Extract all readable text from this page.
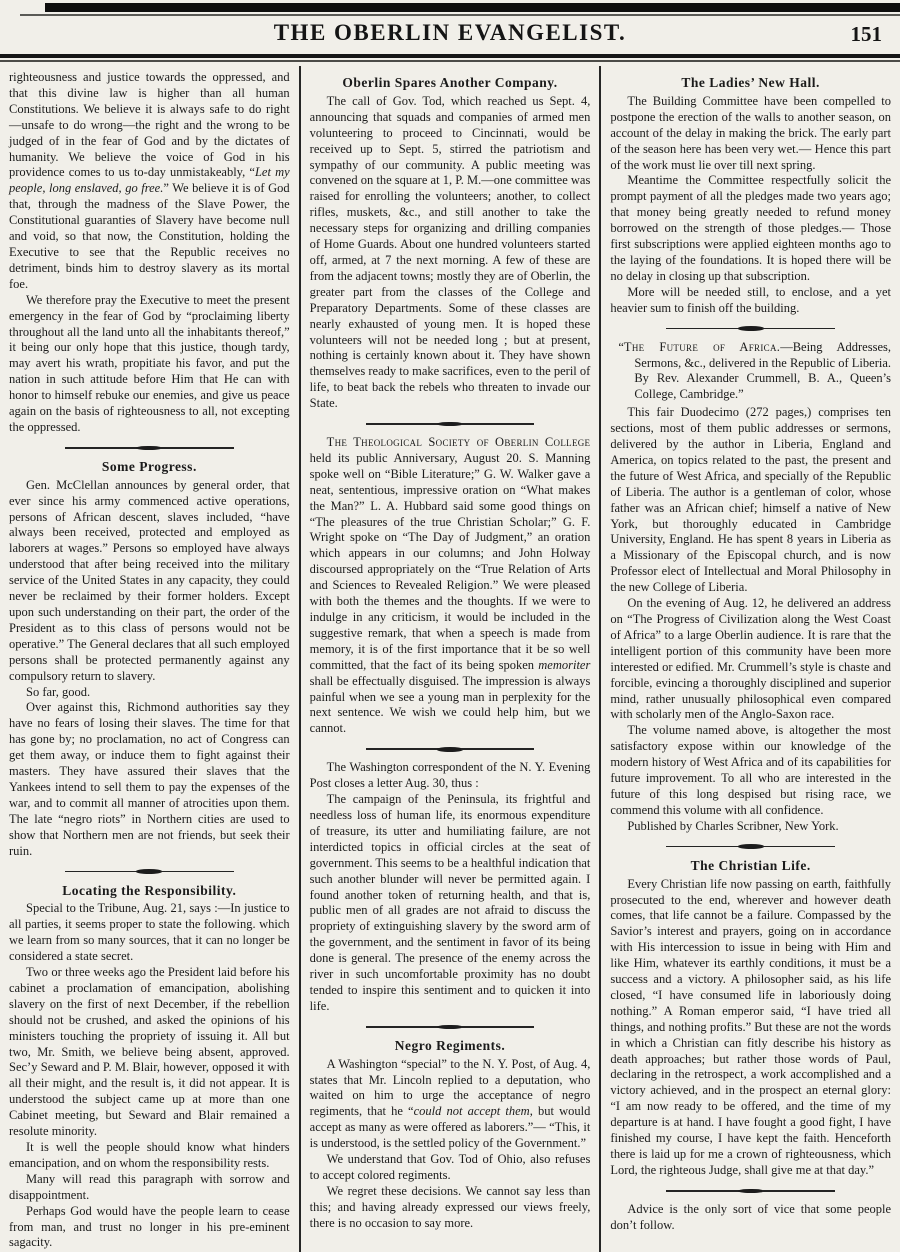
THE OBERLIN EVANGELIST.	151

righteousness and justice towards the oppressed, and that this divine law is higher than all human Constitutions. We believe it is always safe to do right —unsafe to do wrong—the right and the wrong to be judged of in the fear of God and by the dictates of humanity. We believe the voice of God in his providence comes to us to-day unmistakeably, “Let my people, long enslaved, go free.” We believe it is of God that, through the madness of the Slave Power, the Constitutional guaranties of Slavery have become null and void, so that now, the Constitution, holding the Executive to see that the Republic receives no detriment, binds him to destroy slavery as its mortal foe.

We therefore pray the Executive to meet the present emergency in the fear of God by “proclaiming liberty throughout all the land unto all the inhabitants thereof,” it being our only hope that this justice, though tardy, may avert his wrath, propitiate his favor, and put the nation in such attitude before Him that He can with honor to himself rebuke our enemies, and give us peace again on the basis of righteousness to all, not excepting the oppressed.

Some Progress.

Gen. McClellan announces by general order, that ever since his army commenced active operations, persons of African descent, slaves included, “have always been received, protected and employed as laborers at wages.” Persons so employed have always understood that after being received into the military service of the United States in any capacity, they could never be reclaimed by their former holders. Except upon such understanding on their part, the order of the President as to this class of persons would not be operative.” The General declares that all such employed persons shall be protected permanently against any compulsory return to slavery.

So far, good.

Over against this, Richmond authorities say they have no fears of losing their slaves. The time for that has gone by; no proclamation, no act of Congress can get them away, or induce them to fight against their masters. They have assured their slaves that the Yankees intend to sell them to pay the expenses of the war, and to commit all manner of atrocities upon them. The late “negro riots” in Northern cities are used to show that Northern men are not friends, but seek their ruin.

Locating the Responsibility.

Special to the Tribune, Aug. 21, says :—In justice to all parties, it seems proper to state the following. which we learn from so many sources, that it can no longer be considered a state secret.

Two or three weeks ago the President laid before his cabinet a proclamation of emancipation, abolishing slavery on the first of next December, if the rebellion should not be crushed, and asked the opinions of his ministers touching the propriety of issuing it. All but two, Mr. Smith, we believe being absent, approved. Sec’y Seward and P. M. Blair, however, opposed it with all their might, and the result is, it did not appear. It is understood the subject came up at more than one Cabinet meeting, but Seward and Blair remained a resolute minority.

It is well the people should know what hinders emancipation, and on whom the responsibility rests.

Many will read this paragraph with sorrow and disappointment.

Perhaps God would have the people learn to cease from man, and trust no longer in his pre-eminent sagacity.

Oberlin Spares Another Company.

The call of Gov. Tod, which reached us Sept. 4, announcing that squads and companies of armed men volunteering to proceed to Cincinnati, would be received up to Sept. 5, stirred the patriotism and sympathy of our community. A public meeting was convened on the square at 1, P. M.—one committee was raised for enrolling the volunteers; another, to collect rifles, muskets, &c., and still another to take the necessary steps for organizing and drilling companies of Home Guards. About one hundred volunteers started off, armed, at 7 the next morning. A few of these are from the adjacent towns; mostly they are of Oberlin, the greater part from the classes of the College and Preparatory Departments. Some of these classes are nearly exhausted of young men. It is hoped these volunteers will not be needed long ; but at present, nothing is certainly known about it. They have shown themselves ready to make sacrifices, even to the peril of life, to beat back the rebels who threaten to invade our State.

The Theological Society of Oberlin College held its public Anniversary, August 20. S. Manning spoke well on “Bible Literature;” G. W. Walker gave a neat, sententious, impressive oration on “What makes the Man?” L. A. Hubbard said some good things on “The pleasures of the true Christian Scholar;” G. F. Wright spoke on “The Day of Judgment,” an oration which appears in our columns; and John Holway discoursed appropriately on the “True Relation of Arts and Sciences to Revealed Religion.” We were pleased with both the themes and the thoughts. If we were to indulge in any criticism, it would be included in the suggestive remark, that when a speech is made from memory, it is of the first importance that it be so well committed, that the fact of its being spoken memoriter shall be effectually disguised. The impression is always painful when we see a young man in perplexity for the next sentence. We wish we could help him, but we cannot.

The Washington correspondent of the N. Y. Evening Post closes a letter Aug. 30, thus :

The campaign of the Peninsula, its frightful and needless loss of human life, its enormous expenditure of treasure, its utter and humiliating failure, are not interdicted topics in official circles at the seat of government. This seems to be a healthful indication that such another blunder will never be permitted again. I found another token of returning health, and that is, public men of all grades are not afraid to discuss the propriety of extinguishing slavery by the sword arm of the government, and the sentiment in favor of its being done is general. The presence of the enemy across the river in such uncomfortable proximity has no doubt tended to inspire this sentiment and to quicken it into life.

Negro Regiments.

A Washington “special” to the N. Y. Post, of Aug. 4, states that Mr. Lincoln replied to a deputation, who waited on him to urge the acceptance of negro regiments, that he “could not accept them, but would accept as many as were offered as laborers.”— “This, it is understood, is the settled policy of the Government.”

We understand that Gov. Tod of Ohio, also refuses to accept colored regiments.

We regret these decisions. We cannot say less than this; and having already expressed our views freely, there is no occasion to say more.

The Ladies’ New Hall.

The Building Committee have been compelled to postpone the erection of the walls to another season, on account of the delay in making the brick. The early part of the season here has been very wet.— Hence this part of the work must lie over till next spring.

Meantime the Committee respectfully solicit the prompt payment of all the pledges made two years ago; that money being greatly needed to refund money borrowed on the strength of those pledges.— Those first subscriptions were applied eighteen months ago to the laying of the foundations. It is hoped there will be no delay in closing up that subscription.

More will be needed still, to enclose, and a yet heavier sum to finish off the building.

“The Future of Africa.—Being Addresses, Sermons, &c., delivered in the Republic of Liberia. By Rev. Alexander Crummell, B. A., Queen’s College, Cambridge.”

This fair Duodecimo (272 pages,) comprises ten sections, most of them public addresses or sermons, delivered by the author in Liberia, England and America, on topics related to the past, the present and the future of West Africa, and specially of the Republic of Liberia. The author is a gentleman of color, whose father was an African chief; himself a native of New York, but thoroughly educated in Cambridge University, England. He has spent 8 years in Liberia as a Missionary of the Episcopal church, and is now Professor elect of Intellectual and Moral Philosophy in the new College of Liberia.

On the evening of Aug. 12, he delivered an address on “The Progress of Civilization along the West Coast of Africa” to a large Oberlin audience. It is rare that the intelligent portion of this community have been more interested or edified. Mr. Crummell’s style is chaste and forcible, evincing a thoroughly disciplined and superior mind, rather unusually philosophical even compared with scholarly men of the Anglo-Saxon race.

The volume named above, is altogether the most satisfactory expose within our knowledge of the modern history of West Africa and of its capabilities for future improvement. To all who are interested in the future of this long despised but rising race, we commend this volume with all confidence.

Published by Charles Scribner, New York.

The Christian Life.

Every Christian life now passing on earth, faithfully prosecuted to the end, wherever and however death comes, that life cannot be a failure. Compassed by the Savior’s interest and prayers, going on in accordance with His intercession to issue in being with Him and like Him, whatever its earthly conditions, it must be a success and a victory. A philosopher said, as his life closed, “I have consumed life in laboriously doing nothing.” A Roman emperor said, “I have tried all things, and nothing profits.” But these are not the words in which a Christian can fitly describe his history as death approaches; but rather those words of Paul, declaring in the retrospect, a work accomplished and a victory achieved, and in the prospect an eternal glory: “I am now ready to be offered, and the time of my departure is at hand. I have fought a good fight, I have finished my course, I have kept the faith. Henceforth there is laid up for me a crown of righteousness, which Lord, the righteous Judge, shall give me at that day.”

Advice is the only sort of vice that some people don’t follow.
